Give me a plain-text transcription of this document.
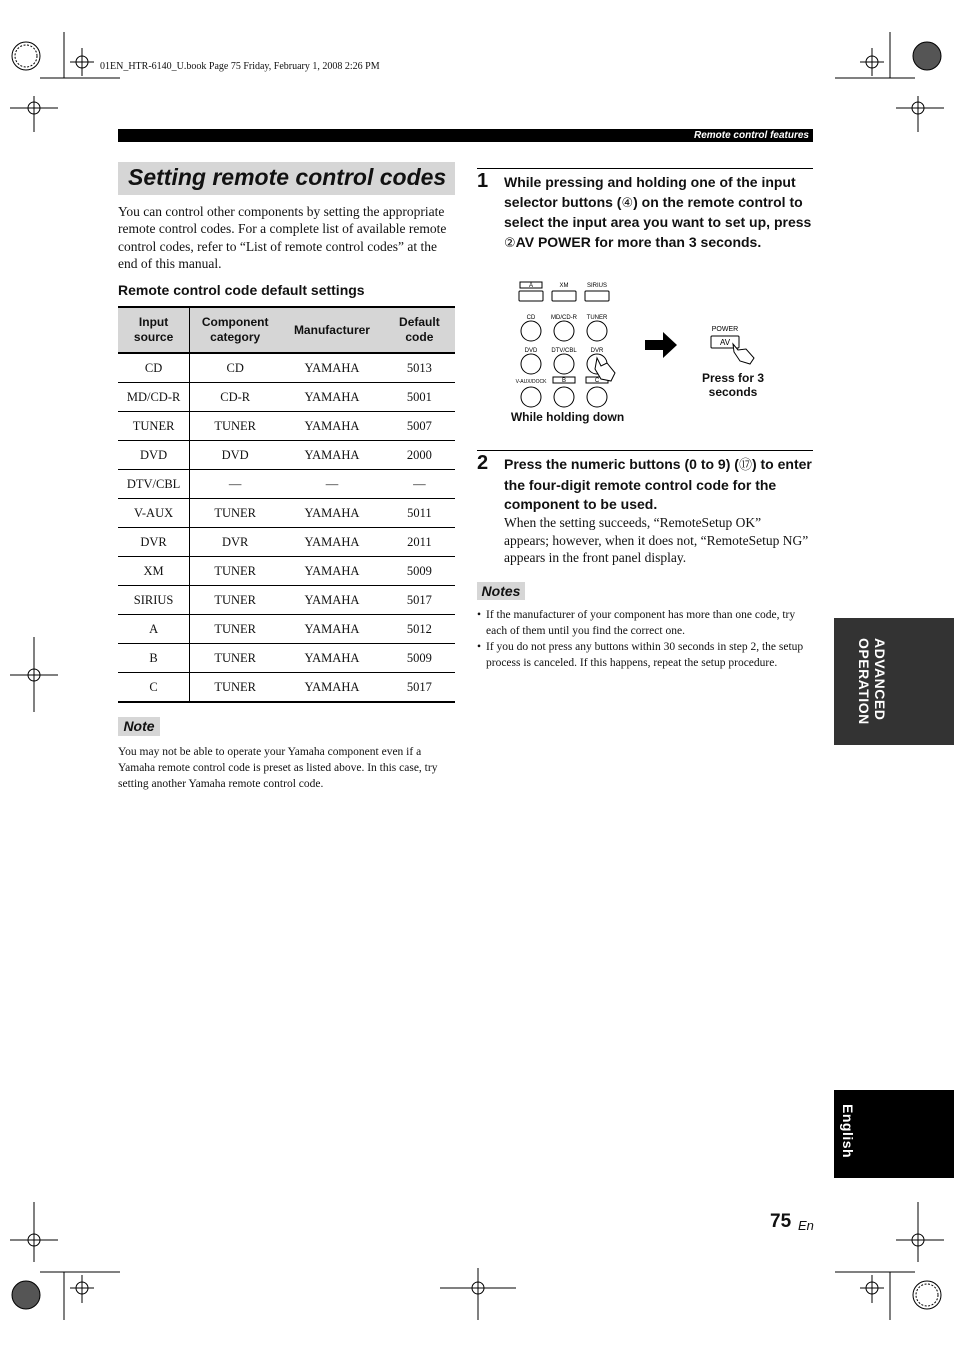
01EN_HTR-6140_U.book Page 75 Friday, February 1, 2008 2:26 PM
Remote control features
Setting remote control codes
You can control other components by setting the appropriate remote control codes. For a complete list of available remote control codes, refer to “List of remote control codes” at the end of this manual.
Remote control code default settings
Input source	Component category	Manufacturer	Default code
CD	CD	YAMAHA	5013
MD/CD-R	CD-R	YAMAHA	5001
TUNER	TUNER	YAMAHA	5007
DVD	DVD	YAMAHA	2000
DTV/CBL	—	—	—
V-AUX	TUNER	YAMAHA	5011
DVR	DVR	YAMAHA	2011
XM	TUNER	YAMAHA	5009
SIRIUS	TUNER	YAMAHA	5017
A	TUNER	YAMAHA	5012
B	TUNER	YAMAHA	5009
C	TUNER	YAMAHA	5017
Note
You may not be able to operate your Yamaha component even if a Yamaha remote control code is preset as listed above. In this case, try setting another Yamaha remote control code.
1 While pressing and holding one of the input selector buttons (④) on the remote control to select the input area you want to set up, press ②AV POWER for more than 3 seconds.
A	XM	SIRIUS
CD	MD/CD-R TUNER
DVD DTV/CBL DVR
V-AUX/DOCK	B	C
POWER
AV
While holding down
Press for 3 seconds
2 Press the numeric buttons (0 to 9) (⑰) to enter the four-digit remote control code for the component to be used.
When the setting succeeds, “RemoteSetup OK” appears; however, when it does not, “RemoteSetup NG” appears in the front panel display.
Notes
• If the manufacturer of your component has more than one code, try each of them until you find the correct one.
• If you do not press any buttons within 30 seconds in step 2, the setup process is canceled. If this happens, repeat the setup procedure.	ADVANCED OPERATION
English
75 En
